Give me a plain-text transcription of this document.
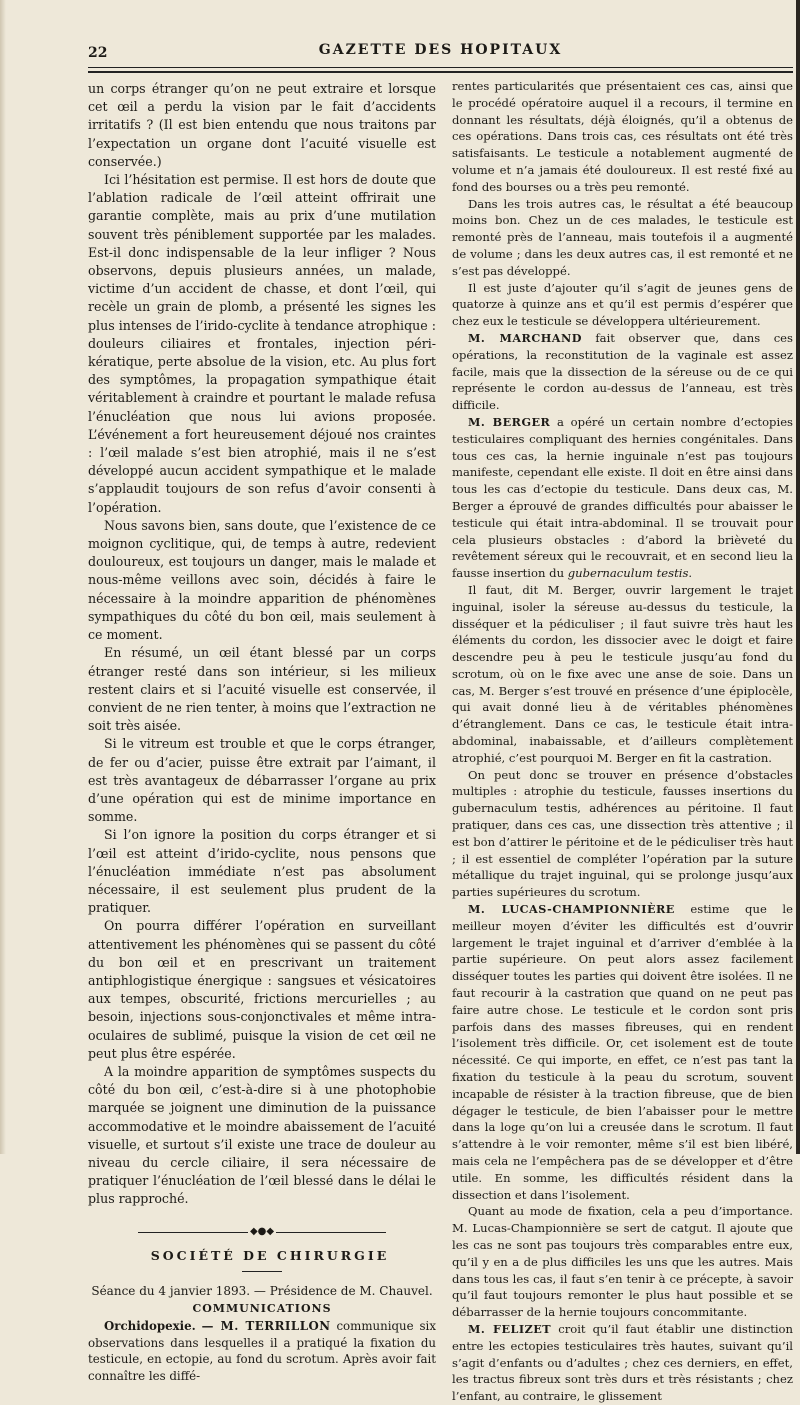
22	GAZETTE DES HOPITAUX

un corps étranger qu’on ne peut extraire et lorsque cet œil a perdu la vision par le fait d’accidents irritatifs ? (Il est bien entendu que nous traitons par l’expectation un organe dont l’acuité visuelle est conservée.)

Ici l’hésitation est permise. Il est hors de doute que l’ablation radicale de l’œil atteint offrirait une garantie complète, mais au prix d’une mutilation souvent très péniblement supportée par les malades. Est-il donc indispensable de la leur infliger ? Nous observons, depuis plusieurs années, un malade, victime d’un accident de chasse, et dont l’œil, qui recèle un grain de plomb, a présenté les signes les plus intenses de l’irido-cyclite à tendance atrophique : douleurs ciliaires et frontales, injection péri-kératique, perte absolue de la vision, etc. Au plus fort des symptômes, la propagation sympathique était véritablement à craindre et pourtant le malade refusa l’énucléation que nous lui avions proposée. L’événement a fort heureusement déjoué nos craintes : l’œil malade s’est bien atrophié, mais il ne s’est développé aucun accident sympathique et le malade s’applaudit toujours de son refus d’avoir consenti à l’opération.

Nous savons bien, sans doute, que l’existence de ce moignon cyclitique, qui, de temps à autre, redevient douloureux, est toujours un danger, mais le malade et nous-même veillons avec soin, décidés à faire le nécessaire à la moindre apparition de phénomènes sympathiques du côté du bon œil, mais seulement à ce moment.

En résumé, un œil étant blessé par un corps étranger resté dans son intérieur, si les milieux restent clairs et si l’acuité visuelle est conservée, il convient de ne rien tenter, à moins que l’extraction ne soit très aisée.

Si le vitreum est trouble et que le corps étranger, de fer ou d’acier, puisse être extrait par l’aimant, il est très avantageux de débarrasser l’organe au prix d’une opération qui est de minime importance en somme.

Si l’on ignore la position du corps étranger et si l’œil est atteint d’irido-cyclite, nous pensons que l’énucléation immédiate n’est pas absolument nécessaire, il est seulement plus prudent de la pratiquer.

On pourra différer l’opération en surveillant attentivement les phénomènes qui se passent du côté du bon œil et en prescrivant un traitement antiphlogistique énergique : sangsues et vésicatoires aux tempes, obscurité, frictions mercurielles ; au besoin, injections sous-conjonctivales et même intra-oculaires de sublimé, puisque la vision de cet œil ne peut plus être espérée.

A la moindre apparition de symptômes suspects du côté du bon œil, c’est-à-dire si à une photophobie marquée se joignent une diminution de la puissance accommodative et le moindre abaissement de l’acuité visuelle, et surtout s’il existe une trace de douleur au niveau du cercle ciliaire, il sera nécessaire de pratiquer l’énucléation de l’œil blessé dans le délai le plus rapproché.

◆●◆

SOCIÉTÉ DE CHIRURGIE

Séance du 4 janvier 1893. — Présidence de M. Chauvel.

COMMUNICATIONS

Orchidopexie. — M. TERRILLON communique six observations dans lesquelles il a pratiqué la fixation du testicule, en ectopie, au fond du scrotum. Après avoir fait connaître les diffé-

rentes particularités que présentaient ces cas, ainsi que le procédé opératoire auquel il a recours, il termine en donnant les résultats, déjà éloignés, qu’il a obtenus de ces opérations. Dans trois cas, ces résultats ont été très satisfaisants. Le testicule a notablement augmenté de volume et n’a jamais été douloureux. Il est resté fixé au fond des bourses ou a très peu remonté.

Dans les trois autres cas, le résultat a été beaucoup moins bon. Chez un de ces malades, le testicule est remonté près de l’anneau, mais toutefois il a augmenté de volume ; dans les deux autres cas, il est remonté et ne s’est pas développé.

Il est juste d’ajouter qu’il s’agit de jeunes gens de quatorze à quinze ans et qu’il est permis d’espérer que chez eux le testicule se développera ultérieurement.

M. MARCHAND fait observer que, dans ces opérations, la reconstitution de la vaginale est assez facile, mais que la dissection de la séreuse ou de ce qui représente le cordon au-dessus de l’anneau, est très difficile.

M. BERGER a opéré un certain nombre d’ectopies testiculaires compliquant des hernies congénitales. Dans tous ces cas, la hernie inguinale n’est pas toujours manifeste, cependant elle existe. Il doit en être ainsi dans tous les cas d’ectopie du testicule. Dans deux cas, M. Berger a éprouvé de grandes difficultés pour abaisser le testicule qui était intra-abdominal. Il se trouvait pour cela plusieurs obstacles : d’abord la brièveté du revêtement séreux qui le recouvrait, et en second lieu la fausse insertion du gubernaculum testis.

Il faut, dit M. Berger, ouvrir largement le trajet inguinal, isoler la séreuse au-dessus du testicule, la disséquer et la pédiculiser ; il faut suivre très haut les éléments du cordon, les dissocier avec le doigt et faire descendre peu à peu le testicule jusqu’au fond du scrotum, où on le fixe avec une anse de soie. Dans un cas, M. Berger s’est trouvé en présence d’une épiplocèle, qui avait donné lieu à de véritables phénomènes d’étranglement. Dans ce cas, le testicule était intra-abdominal, inabaissable, et d’ailleurs complètement atrophié, c’est pourquoi M. Berger en fit la castration.

On peut donc se trouver en présence d’obstacles multiples : atrophie du testicule, fausses insertions du gubernaculum testis, adhérences au péritoine. Il faut pratiquer, dans ces cas, une dissection très attentive ; il est bon d’attirer le péritoine et de le pédiculiser très haut ; il est essentiel de compléter l’opération par la suture métallique du trajet inguinal, qui se prolonge jusqu’aux parties supérieures du scrotum.

M. LUCAS-CHAMPIONNIÈRE estime que le meilleur moyen d’éviter les difficultés est d’ouvrir largement le trajet inguinal et d’arriver d’emblée à la partie supérieure. On peut alors assez facilement disséquer toutes les parties qui doivent être isolées. Il ne faut recourir à la castration que quand on ne peut pas faire autre chose. Le testicule et le cordon sont pris parfois dans des masses fibreuses, qui en rendent l’isolement très difficile. Or, cet isolement est de toute nécessité. Ce qui importe, en effet, ce n’est pas tant la fixation du testicule à la peau du scrotum, souvent incapable de résister à la traction fibreuse, que de bien dégager le testicule, de bien l’abaisser pour le mettre dans la loge qu’on lui a creusée dans le scrotum. Il faut s’attendre à le voir remonter, même s’il est bien libéré, mais cela ne l’empêchera pas de se développer et d’être utile. En somme, les difficultés résident dans la dissection et dans l’isolement.

Quant au mode de fixation, cela a peu d’importance. M. Lucas-Championnière se sert de catgut. Il ajoute que les cas ne sont pas toujours très comparables entre eux, qu’il y en a de plus difficiles les uns que les autres. Mais dans tous les cas, il faut s’en tenir à ce précepte, à savoir qu’il faut toujours remonter le plus haut possible et se débarrasser de la hernie toujours concommitante.

M. FELIZET croit qu’il faut établir une distinction entre les ectopies testiculaires très hautes, suivant qu’il s’agit d’enfants ou d’adultes ; chez ces derniers, en effet, les tractus fibreux sont très durs et très résistants ; chez l’enfant, au contraire, le glissement
